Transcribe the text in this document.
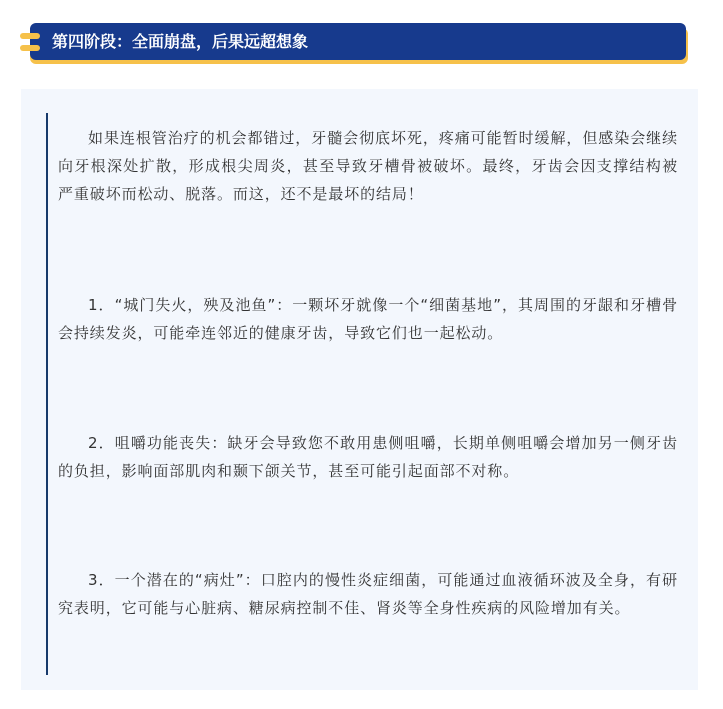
第四阶段：全面崩盘，后果远超想象

如果连根管治疗的机会都错过，牙髓会彻底坏死，疼痛可能暂时缓解，但感染会继续向牙根深处扩散，形成根尖周炎，甚至导致牙槽骨被破坏。最终，牙齿会因支撑结构被严重破坏而松动、脱落。而这，还不是最坏的结局！

1．“城门失火，殃及池鱼”：一颗坏牙就像一个“细菌基地”，其周围的牙龈和牙槽骨会持续发炎，可能牵连邻近的健康牙齿，导致它们也一起松动。

2．咀嚼功能丧失：缺牙会导致您不敢用患侧咀嚼，长期单侧咀嚼会增加另一侧牙齿的负担，影响面部肌肉和颞下颌关节，甚至可能引起面部不对称。

3．一个潜在的“病灶”：口腔内的慢性炎症细菌，可能通过血液循环波及全身，有研究表明，它可能与心脏病、糖尿病控制不佳、肾炎等全身性疾病的风险增加有关。
